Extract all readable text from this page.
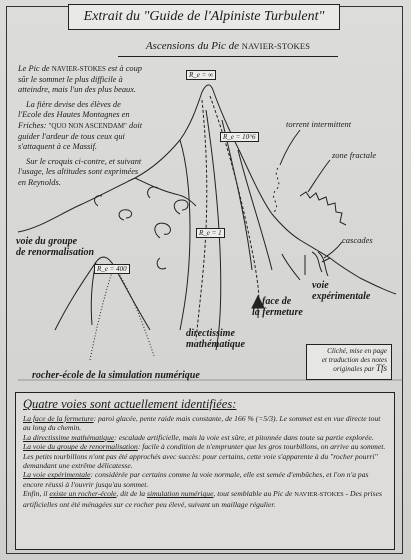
Extrait du "Guide de l'Alpiniste Turbulent"
Ascensions du Pic de NAVIER-STOKES

Le Pic de NAVIER-STOKES est à coup sûr le sommet le plus difficile à atteindre, mais l'un des plus beaux.

La fière devise des élèves de l'Ecole des Hautes Montagnes en Friches: "QUO NON ASCENDAM" doit guider l'ardeur de tous ceux qui s'attaquent à ce Massif.

Sur le croquis ci-contre, et suivant l'usage, les altitudes sont exprimées en Reynolds.

R_e = ∞
R_e = 10^6
R_e = 1
R_e = 400
torrent intermittent
zone fractale
cascades
voie du groupe
de renormalisation
face de
la fermeture
voie
expérimentale
directissime
mathématique
rocher-école de la simulation numérique
Cliché, mise en page
et traduction des notes
originales par Tfs
Quatre voies sont actuellement identifiées:

La face de la fermeture: paroi glacée, pente raide mais constante, de 166 % (=5/3). Le sommet est en vue directe tout au long du chemin.

La directissime mathématique: escalade artificielle, mais la voie est sûre, et pitonnée dans toute sa partie explorée.

La voie du groupe de renormalisation: facile à condition de n'emprunter que les gros tourbillons, on arrive au sommet. Les petits tourbillons n'ont pas été approchés avec succès: pour certains, cette voie s'apparente à du "rocher pourri" demandant une extrême délicatesse.

La voie expérimentale: considérée par certains comme la voie normale, elle est semée d'embûches, et l'on n'a pas encore réussi à l'ouvrir jusqu'au sommet.

Enfin, il existe un rocher-école, dit de la simulation numérique, tout semblable au Pic de NAVIER-STOKES - Des prises artificielles ont été ménagées sur ce rocher peu élevé, suivant un maillage régulier.
